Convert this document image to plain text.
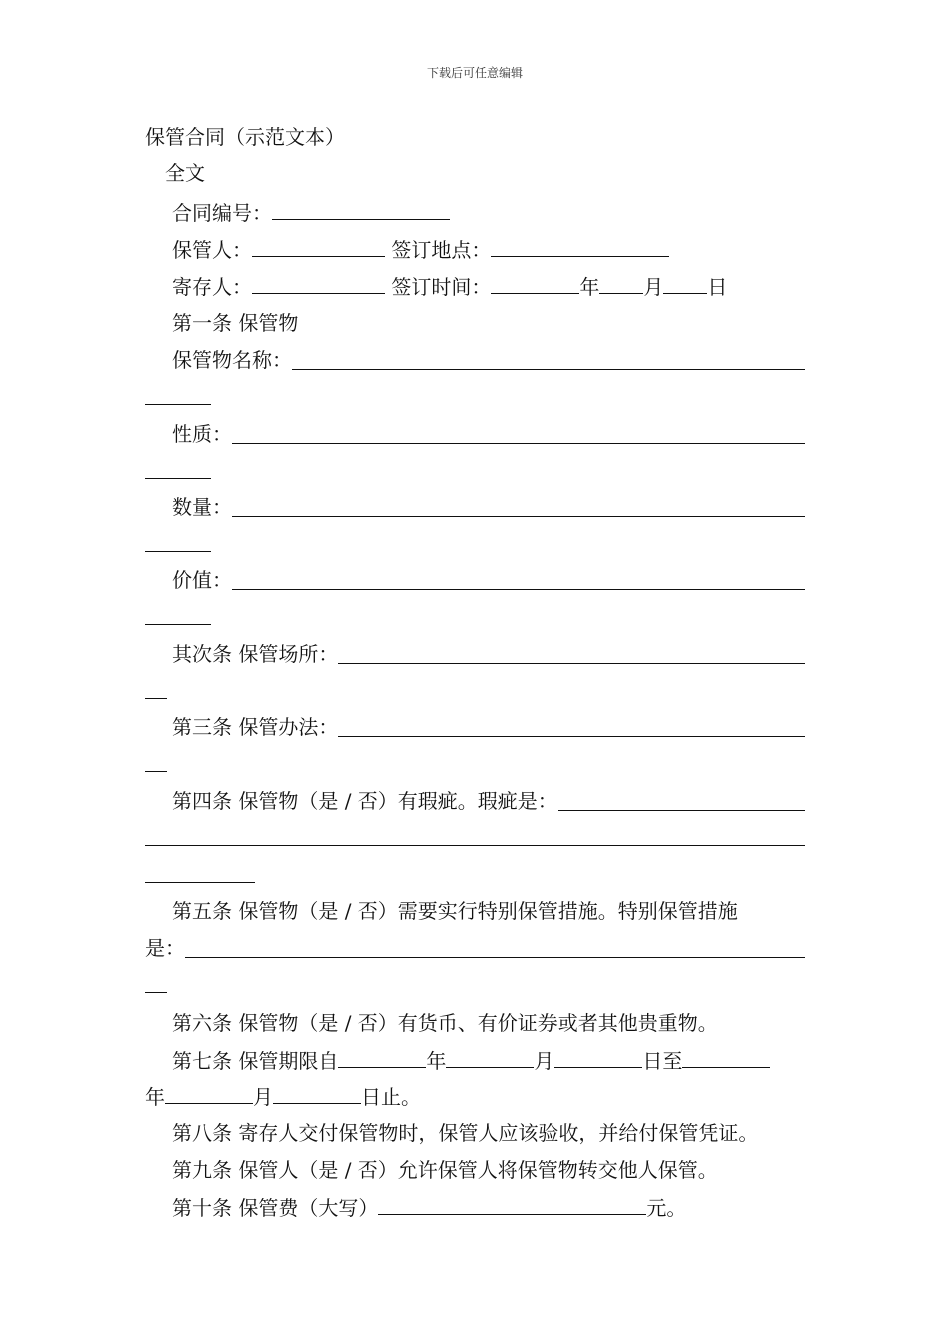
下载后可任意编辑
保管合同（示范文本）
全文
合同编号：
保管人：	签订地点：
寄存人：	签订时间：	年 月 日
第一条 保管物
保管物名称：
性质：
数量：
价值：
其次条 保管场所：
第三条 保管办法：
第四条 保管物（是 / 否）有瑕疵。瑕疵是：
第五条 保管物（是 / 否）需要实行特别保管措施。特别保管措施
是：
第六条 保管物（是 / 否）有货币、有价证券或者其他贵重物。
第七条 保管期限自	年	月	日至
年	月	日止。
第八条 寄存人交付保管物时，保管人应该验收，并给付保管凭证。
第九条 保管人（是 / 否）允许保管人将保管物转交他人保管。
第十条 保管费（大写）	元。
